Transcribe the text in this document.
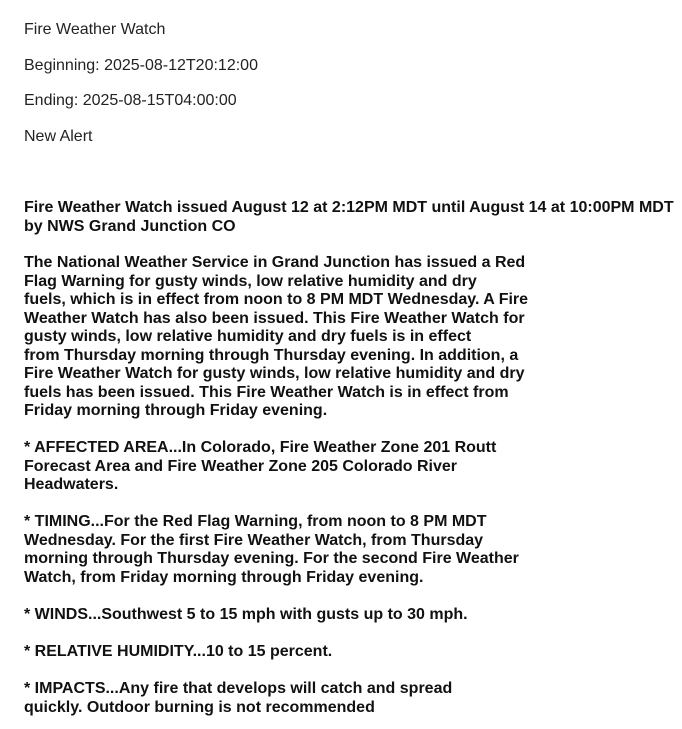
Fire Weather Watch
Beginning: 2025-08-12T20:12:00
Ending: 2025-08-15T04:00:00
New Alert
Fire Weather Watch issued August 12 at 2:12PM MDT until August 14 at 10:00PM MDT by NWS Grand Junction CO
The National Weather Service in Grand Junction has issued a Red
Flag Warning for gusty winds, low relative humidity and dry
fuels, which is in effect from noon to 8 PM MDT Wednesday. A Fire
Weather Watch has also been issued. This Fire Weather Watch for
gusty winds, low relative humidity and dry fuels is in effect
from Thursday morning through Thursday evening. In addition, a
Fire Weather Watch for gusty winds, low relative humidity and dry
fuels has been issued. This Fire Weather Watch is in effect from
Friday morning through Friday evening.
* AFFECTED AREA...In Colorado, Fire Weather Zone 201 Routt
Forecast Area and Fire Weather Zone 205 Colorado River
Headwaters.
* TIMING...For the Red Flag Warning, from noon to 8 PM MDT
Wednesday. For the first Fire Weather Watch, from Thursday
morning through Thursday evening. For the second Fire Weather
Watch, from Friday morning through Friday evening.
* WINDS...Southwest 5 to 15 mph with gusts up to 30 mph.
* RELATIVE HUMIDITY...10 to 15 percent.
* IMPACTS...Any fire that develops will catch and spread
quickly. Outdoor burning is not recommended
